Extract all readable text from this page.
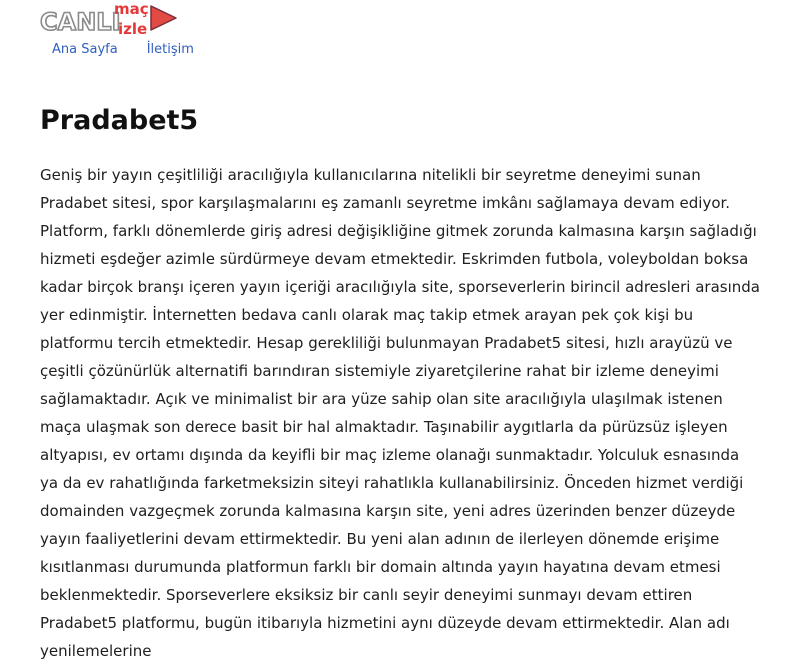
CANLI
maç
izle
Ana Sayfa İletişim
Pradabet5

Geniş bir yayın çeşitliliği aracılığıyla kullanıcılarına nitelikli bir seyretme deneyimi sunan Pradabet sitesi, spor karşılaşmalarını eş zamanlı seyretme imkânı sağlamaya devam ediyor. Platform, farklı dönemlerde giriş adresi değişikliğine gitmek zorunda kalmasına karşın sağladığı hizmeti eşdeğer azimle sürdürmeye devam etmektedir. Eskrimden futbola, voleyboldan boksa kadar birçok branşı içeren yayın içeriği aracılığıyla site, sporseverlerin birincil adresleri arasında yer edinmiştir. İnternetten bedava canlı olarak maç takip etmek arayan pek çok kişi bu platformu tercih etmektedir. Hesap gerekliliği bulunmayan Pradabet5 sitesi, hızlı arayüzü ve çeşitli çözünürlük alternatifi barındıran sistemiyle ziyaretçilerine rahat bir izleme deneyimi sağlamaktadır. Açık ve minimalist bir ara yüze sahip olan site aracılığıyla ulaşılmak istenen maça ulaşmak son derece basit bir hal almaktadır. Taşınabilir aygıtlarla da pürüzsüz işleyen altyapısı, ev ortamı dışında da keyifli bir maç izleme olanağı sunmaktadır. Yolculuk esnasında ya da ev rahatlığında farketmeksizin siteyi rahatlıkla kullanabilirsiniz. Önceden hizmet verdiği domainden vazgeçmek zorunda kalmasına karşın site, yeni adres üzerinden benzer düzeyde yayın faaliyetlerini devam ettirmektedir. Bu yeni alan adının de ilerleyen dönemde erişime kısıtlanması durumunda platformun farklı bir domain altında yayın hayatına devam etmesi beklenmektedir. Sporseverlere eksiksiz bir canlı seyir deneyimi sunmayı devam ettiren Pradabet5 platformu, bugün itibarıyla hizmetini aynı düzeyde devam ettirmektedir. Alan adı yenilemelerine
